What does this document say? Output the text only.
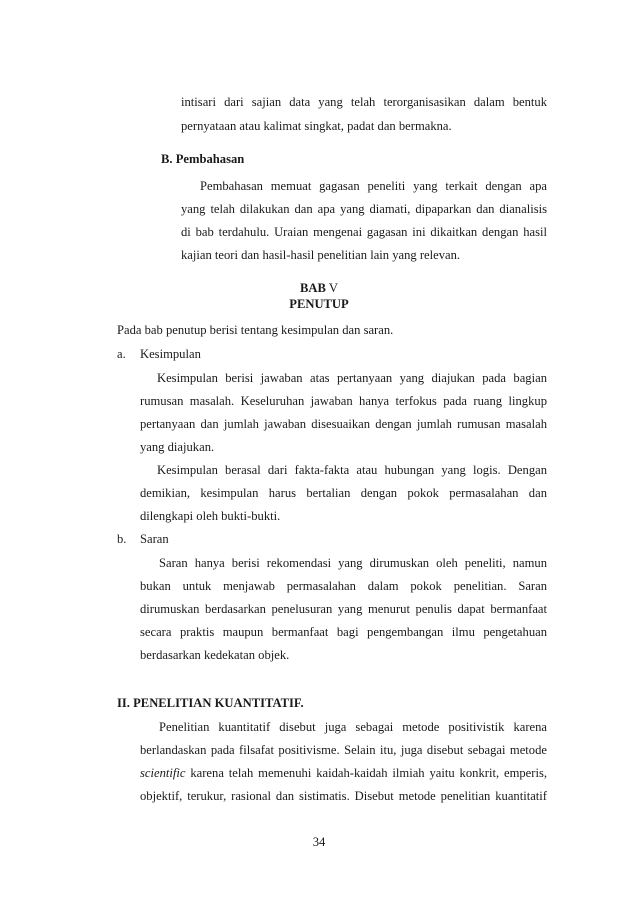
intisari dari sajian data yang telah terorganisasikan dalam bentuk
pernyataan atau kalimat singkat, padat dan bermakna.
B. Pembahasan
Pembahasan memuat gagasan peneliti yang terkait dengan apa
yang telah dilakukan dan apa yang diamati, dipaparkan dan dianalisis
di bab terdahulu. Uraian mengenai gagasan ini dikaitkan dengan hasil
kajian teori dan hasil-hasil penelitian lain yang relevan.
BAB V
PENUTUP
Pada bab penutup berisi tentang kesimpulan dan saran.
a. Kesimpulan
Kesimpulan berisi jawaban atas pertanyaan yang diajukan pada bagian
rumusan masalah. Keseluruhan jawaban hanya terfokus pada ruang lingkup
pertanyaan dan jumlah jawaban disesuaikan dengan jumlah rumusan masalah
yang diajukan.
Kesimpulan berasal dari fakta-fakta atau hubungan yang logis. Dengan
demikian, kesimpulan harus bertalian dengan pokok permasalahan dan
dilengkapi oleh bukti-bukti.
b. Saran
Saran hanya berisi rekomendasi yang dirumuskan oleh peneliti, namun
bukan untuk menjawab permasalahan dalam pokok penelitian. Saran
dirumuskan berdasarkan penelusuran yang menurut penulis dapat bermanfaat
secara praktis maupun bermanfaat bagi pengembangan ilmu pengetahuan
berdasarkan kedekatan objek.
II. PENELITIAN KUANTITATIF.
Penelitian kuantitatif disebut juga sebagai metode positivistik karena
berlandaskan pada filsafat positivisme. Selain itu, juga disebut sebagai metode
scientific karena telah memenuhi kaidah-kaidah ilmiah yaitu konkrit, emperis,
objektif, terukur, rasional dan sistimatis. Disebut metode penelitian kuantitatif
34
